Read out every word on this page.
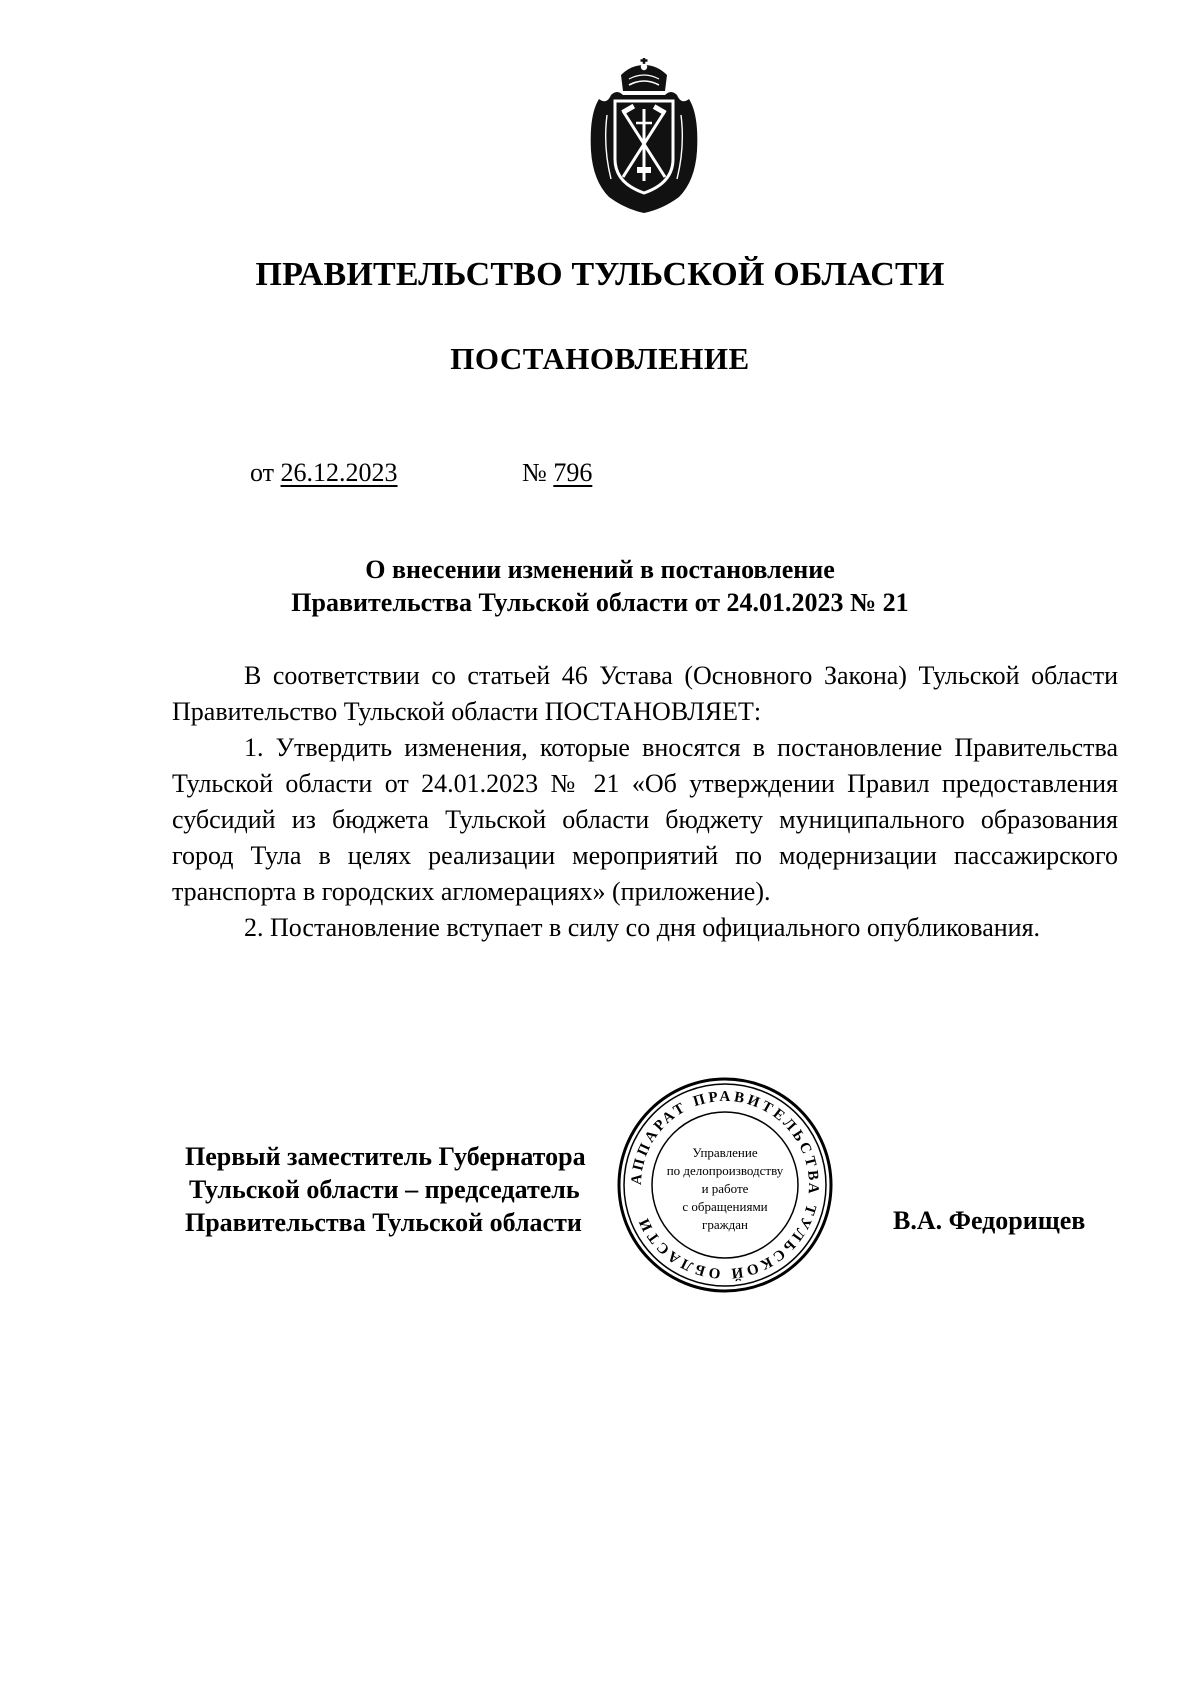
ПРАВИТЕЛЬСТВО ТУЛЬСКОЙ ОБЛАСТИ
ПОСТАНОВЛЕНИЕ
от 26.12.2023	№ 796
О внесении изменений в постановление
Правительства Тульской области от 24.01.2023 № 21

В соответствии со статьей 46 Устава (Основного Закона) Тульской области Правительство Тульской области ПОСТАНОВЛЯЕТ:

1. Утвердить изменения, которые вносятся в постановление Правительства Тульской области от 24.01.2023 № 21 «Об утверждении Правил предоставления субсидий из бюджета Тульской области бюджету муниципального образования город Тула в целях реализации мероприятий по модернизации пассажирского транспорта в городских агломерациях» (приложение).

2. Постановление вступает в силу со дня официального опубликования.

Первый заместитель Губернатора
Тульской области – председатель
Правительства Тульской области	В.А. Федорищев
АППАРАТ ПРАВИТЕЛЬСТВА ТУЛЬСКОЙ ОБЛАСТИ
Управление
по делопроизводству
и работе
с обращениями
граждан
